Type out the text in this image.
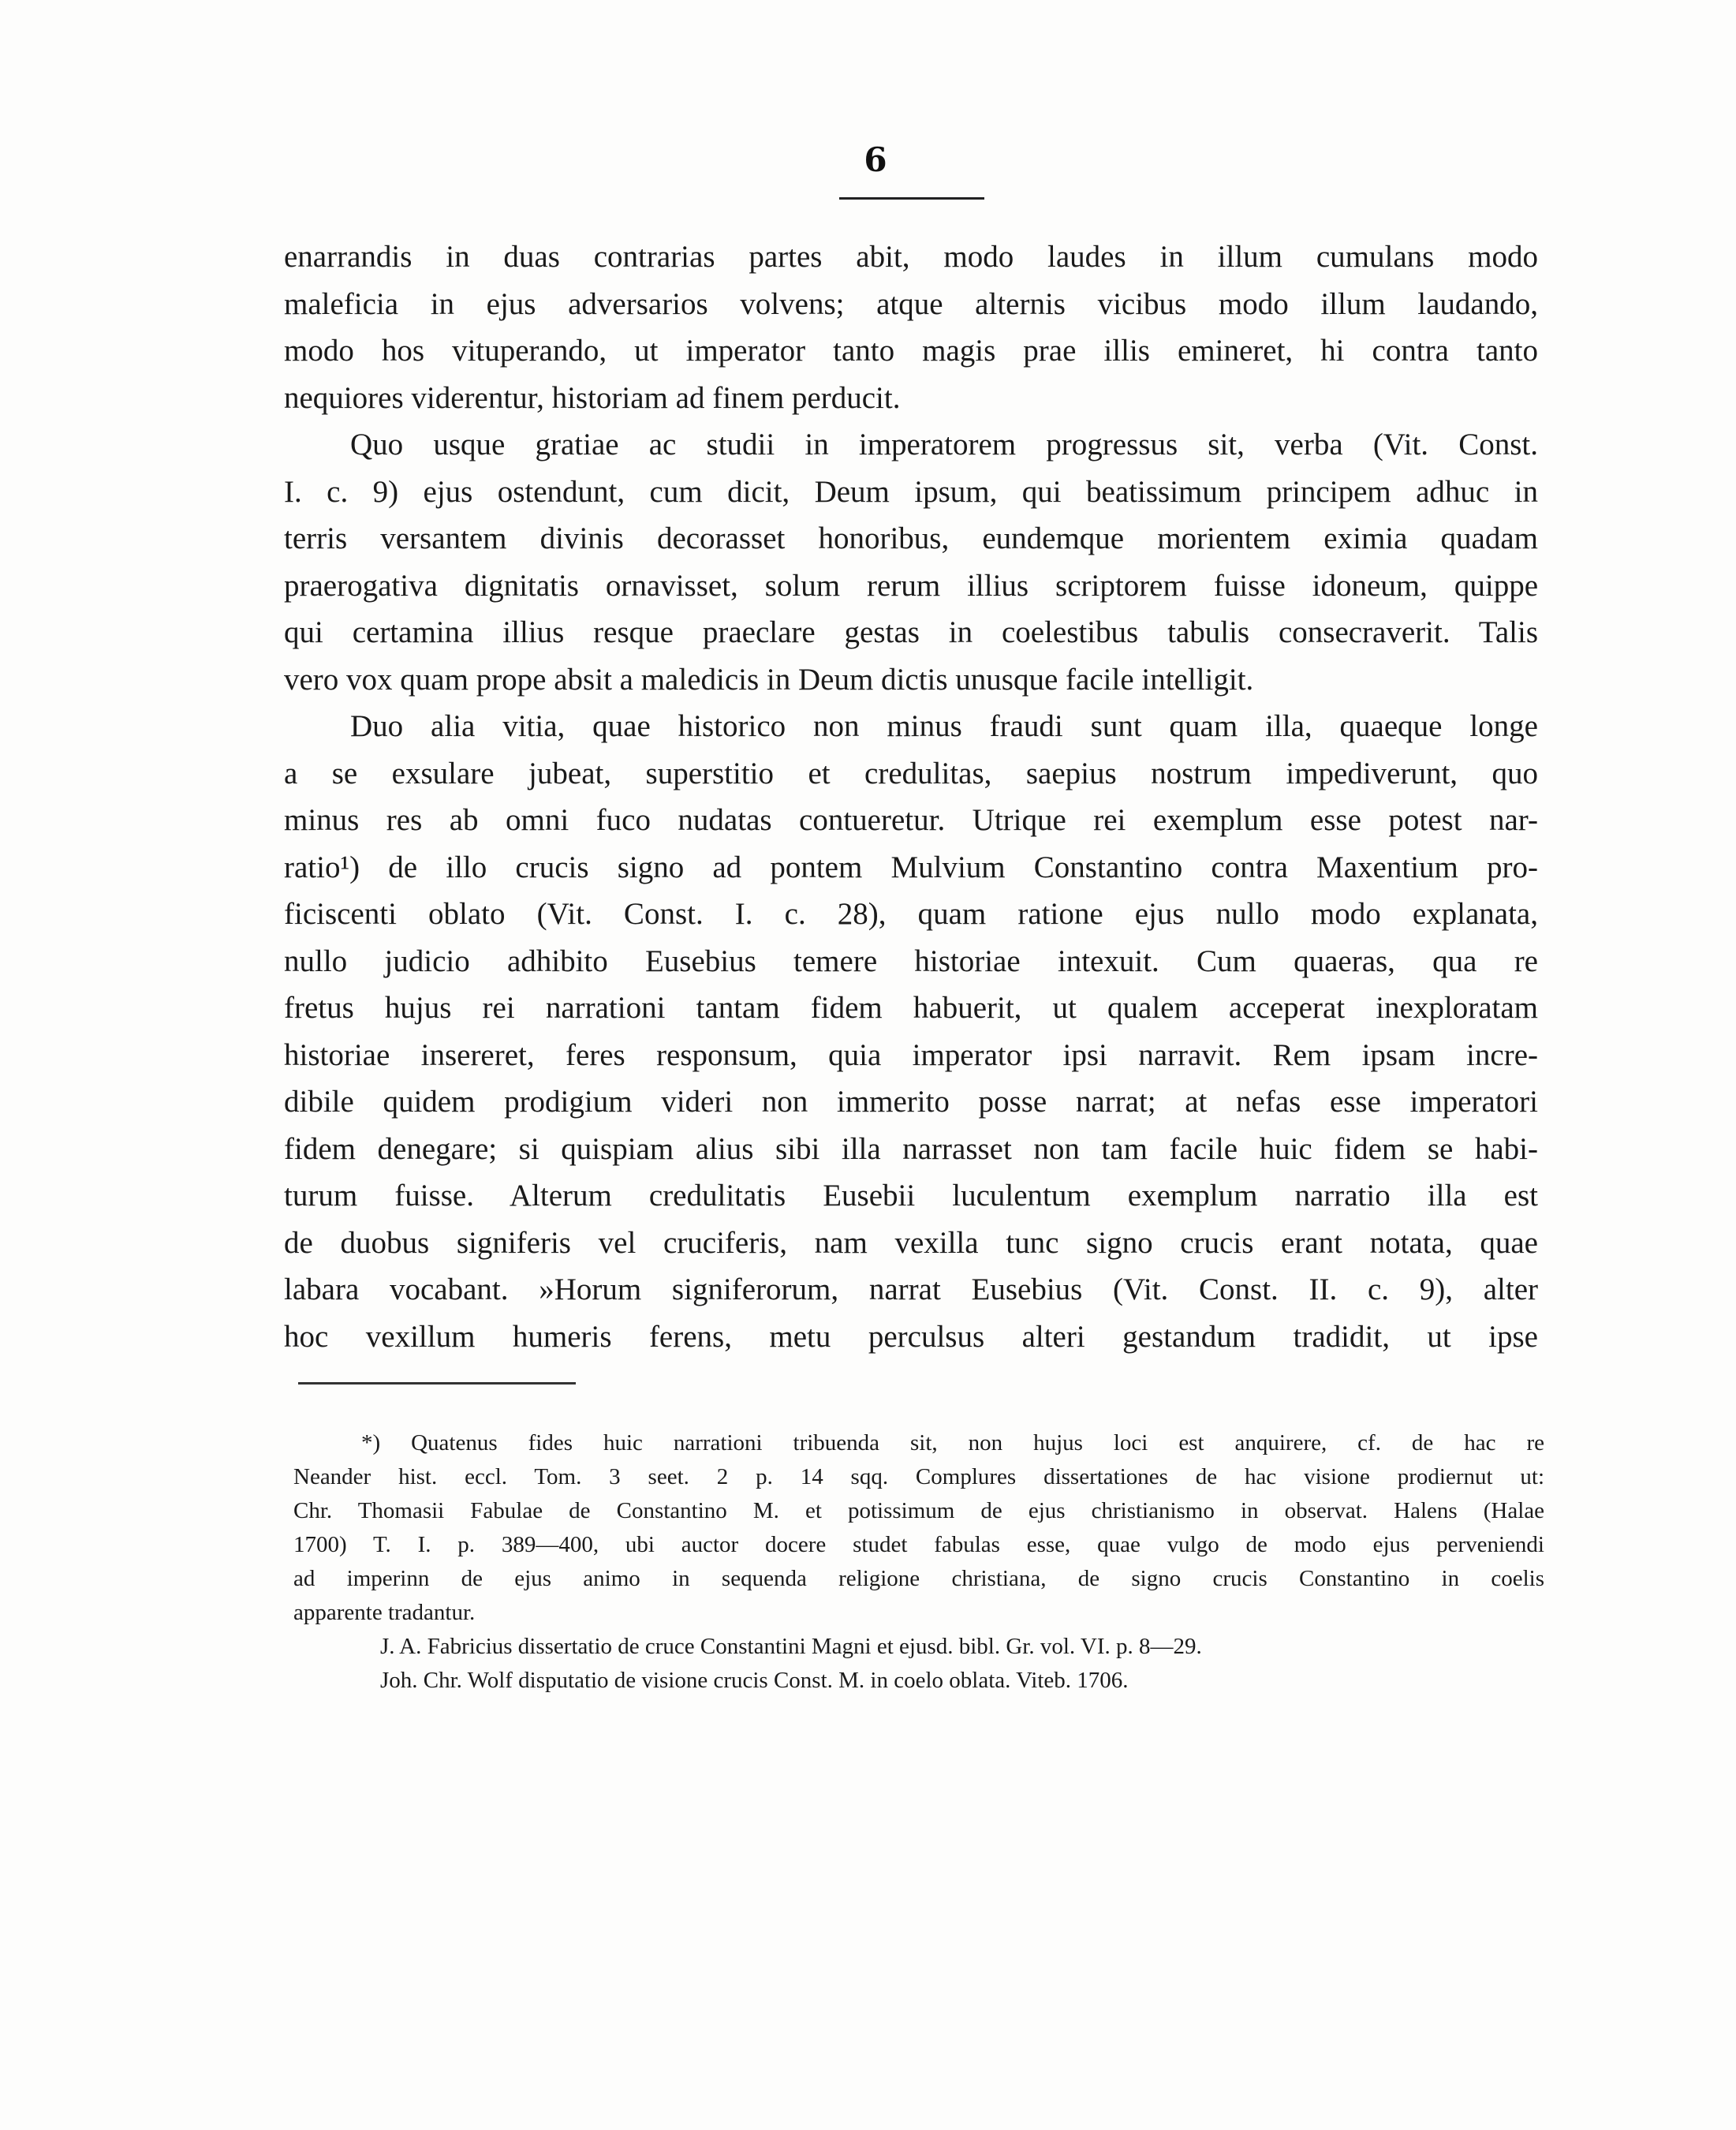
6
enarrandis in duas contrarias partes abit, modo laudes in illum cumulans modo
maleficia in ejus adversarios volvens; atque alternis vicibus modo illum laudando,
modo hos vituperando, ut imperator tanto magis prae illis emineret, hi contra tanto
nequiores viderentur, historiam ad finem perducit.
Quo usque gratiae ac studii in imperatorem progressus sit, verba (Vit. Const.
I. c. 9) ejus ostendunt, cum dicit, Deum ipsum, qui beatissimum principem adhuc in
terris versantem divinis decorasset honoribus, eundemque morientem eximia quadam
praerogativa dignitatis ornavisset, solum rerum illius scriptorem fuisse idoneum, quippe
qui certamina illius resque praeclare gestas in coelestibus tabulis consecraverit. Talis
vero vox quam prope absit a maledicis in Deum dictis unusque facile intelligit.
Duo alia vitia, quae historico non minus fraudi sunt quam illa, quaeque longe
a se exsulare jubeat, superstitio et credulitas, saepius nostrum impediverunt, quo
minus res ab omni fuco nudatas contueretur. Utrique rei exemplum esse potest nar-
ratio¹) de illo crucis signo ad pontem Mulvium Constantino contra Maxentium pro-
ficiscenti oblato (Vit. Const. I. c. 28), quam ratione ejus nullo modo explanata,
nullo judicio adhibito Eusebius temere historiae intexuit. Cum quaeras, qua re
fretus hujus rei narrationi tantam fidem habuerit, ut qualem acceperat inexploratam
historiae insereret, feres responsum, quia imperator ipsi narravit. Rem ipsam incre-
dibile quidem prodigium videri non immerito posse narrat; at nefas esse imperatori
fidem denegare; si quispiam alius sibi illa narrasset non tam facile huic fidem se habi-
turum fuisse. Alterum credulitatis Eusebii luculentum exemplum narratio illa est
de duobus signiferis vel cruciferis, nam vexilla tunc signo crucis erant notata, quae
labara vocabant. »Horum signiferorum, narrat Eusebius (Vit. Const. II. c. 9), alter
hoc vexillum humeris ferens, metu perculsus alteri gestandum tradidit, ut ipse
*) Quatenus fides huic narrationi tribuenda sit, non hujus loci est anquirere, cf. de hac re
Neander hist. eccl. Tom. 3 seet. 2 p. 14 sqq. Complures dissertationes de hac visione prodiernut ut:
Chr. Thomasii Fabulae de Constantino M. et potissimum de ejus christianismo in observat. Halens (Halae
1700) T. I. p. 389—400, ubi auctor docere studet fabulas esse, quae vulgo de modo ejus perveniendi
ad imperinn de ejus animo in sequenda religione christiana, de signo crucis Constantino in coelis
apparente tradantur.
J. A. Fabricius dissertatio de cruce Constantini Magni et ejusd. bibl. Gr. vol. VI. p. 8—29.
Joh. Chr. Wolf disputatio de visione crucis Const. M. in coelo oblata. Viteb. 1706.
